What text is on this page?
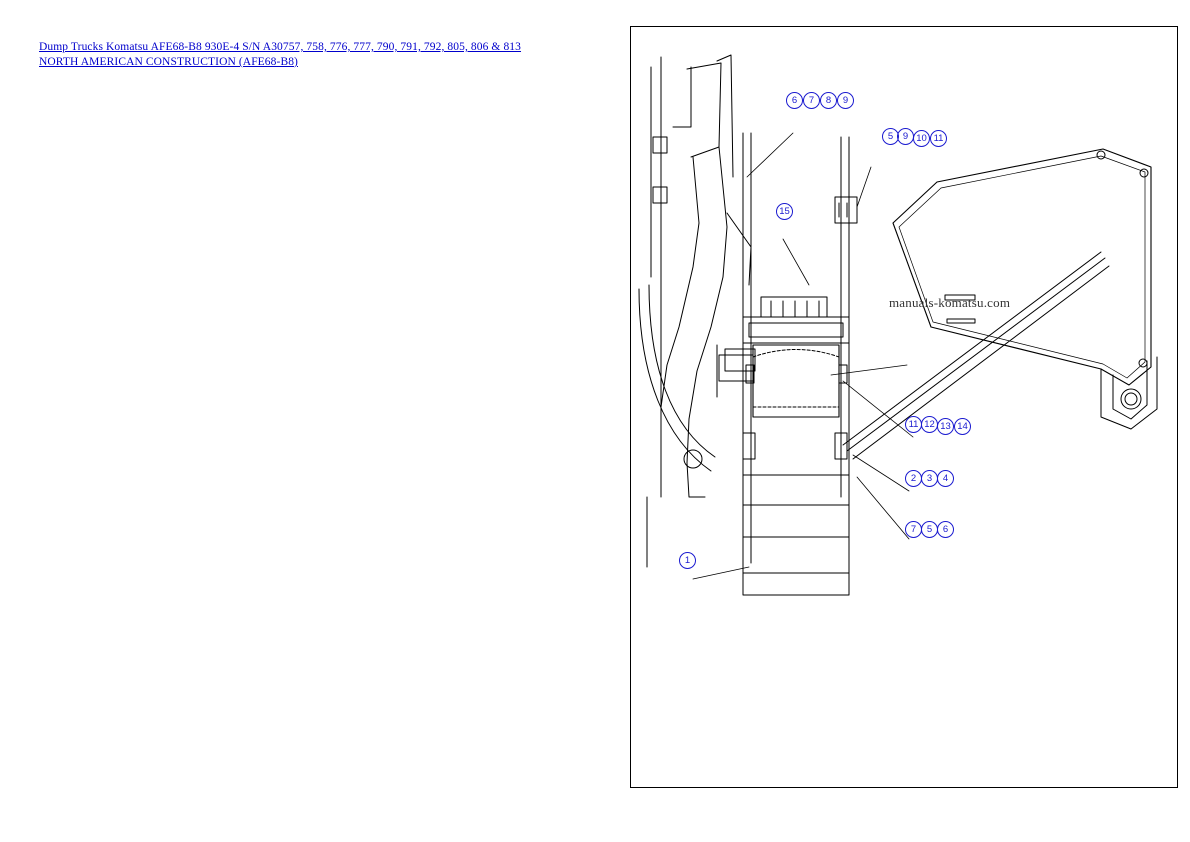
Dump Trucks Komatsu AFE68-B8 930E-4 S/N A30757, 758, 776, 777, 790, 791, 792, 805, 806 & 813 NORTH AMERICAN CONSTRUCTION (AFE68-B8)
manuals-komatsu.com
6	7	8	9
5	9 10 11
15
11 12 13 14
2	3	4
7	5	6
1
